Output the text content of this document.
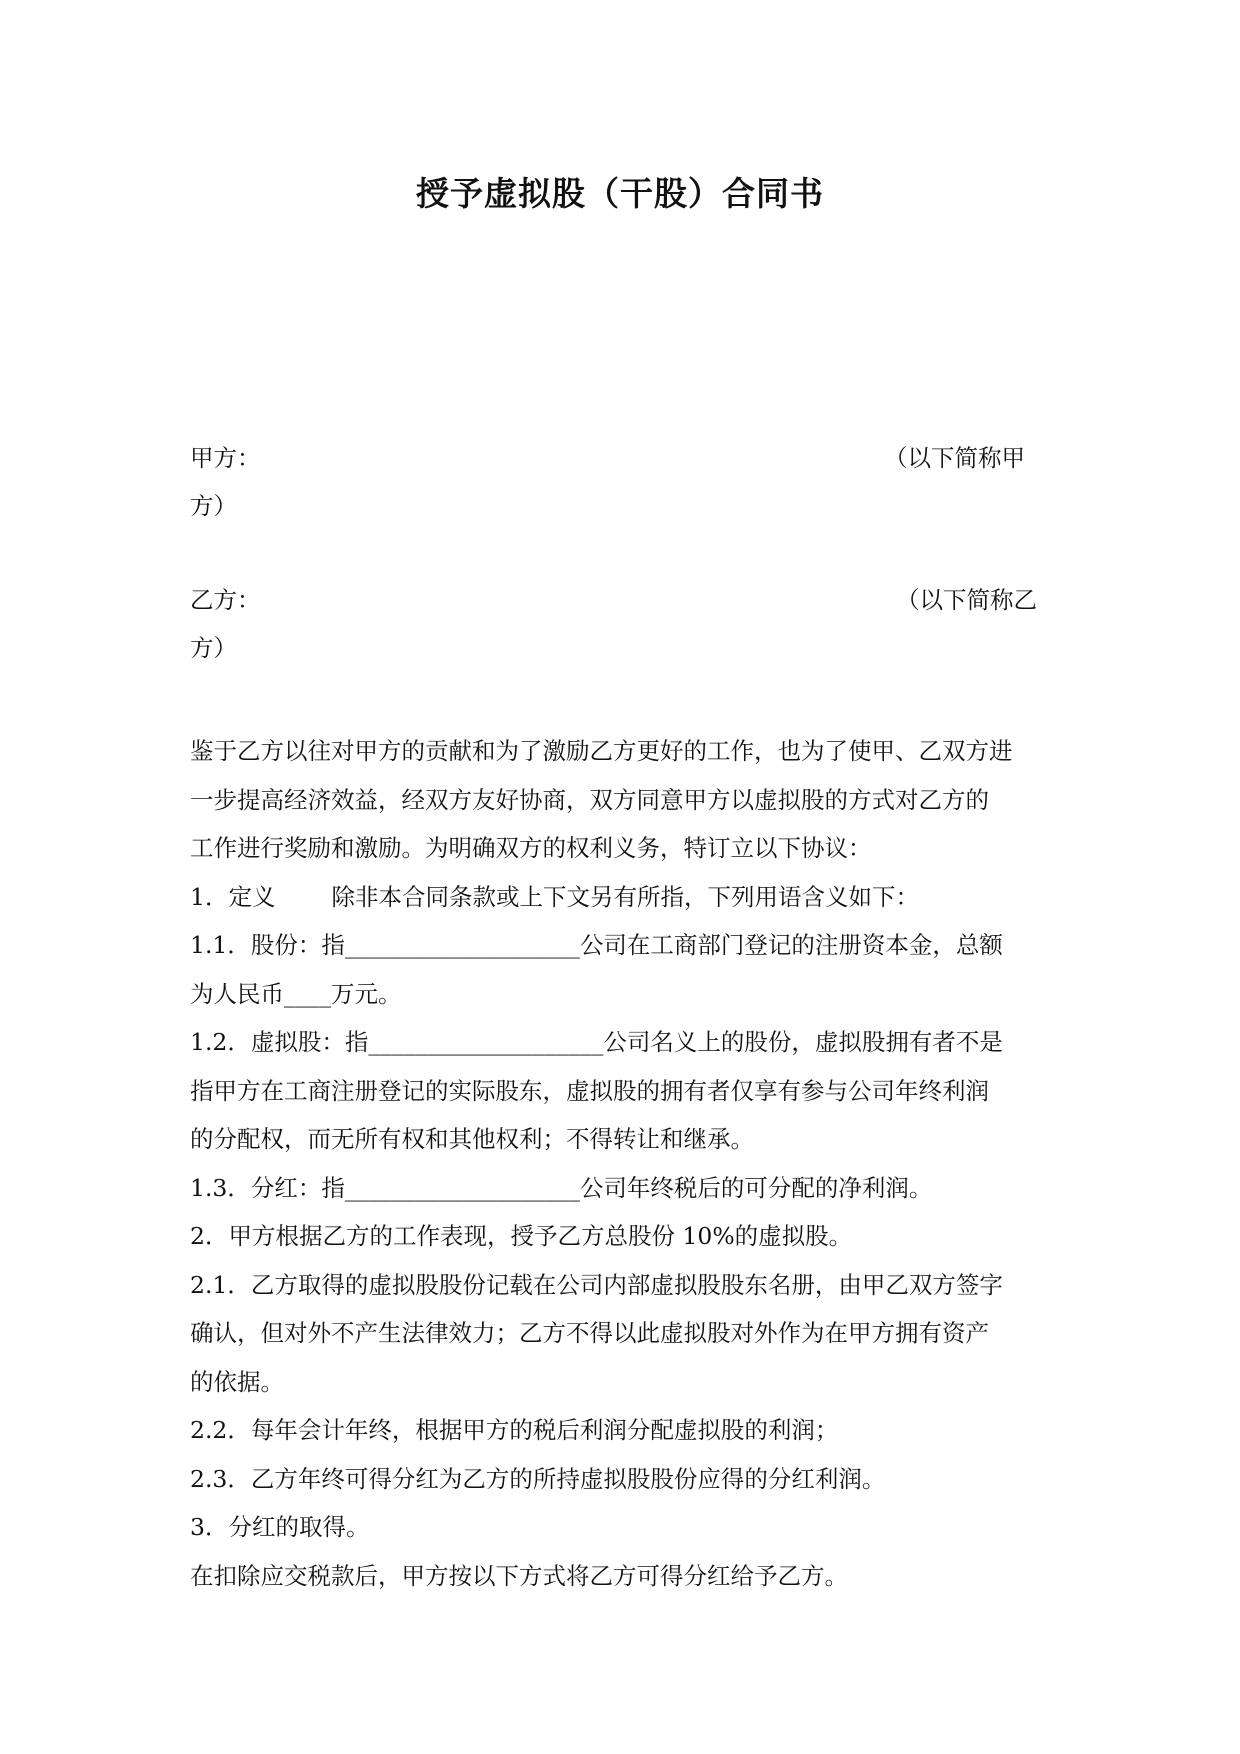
授予虚拟股（干股）合同书
甲方：	（以下简称甲
方）
乙方：	（以下简称乙
方）

鉴于乙方以往对甲方的贡献和为了激励乙方更好的工作，也为了使甲、乙双方进

一步提高经济效益，经双方友好协商，双方同意甲方以虚拟股的方式对乙方的

工作进行奖励和激励。为明确双方的权利义务，特订立以下协议：

1．定义 除非本合同条款或上下文另有所指，下列用语含义如下：

1.1．股份：指____________________公司在工商部门登记的注册资本金，总额

为人民币____万元。

1.2．虚拟股：指____________________公司名义上的股份，虚拟股拥有者不是

指甲方在工商注册登记的实际股东，虚拟股的拥有者仅享有参与公司年终利润

的分配权，而无所有权和其他权利；不得转让和继承。

1.3．分红：指____________________公司年终税后的可分配的净利润。

2．甲方根据乙方的工作表现，授予乙方总股份 10%的虚拟股。

2.1．乙方取得的虚拟股股份记载在公司内部虚拟股股东名册，由甲乙双方签字

确认，但对外不产生法律效力；乙方不得以此虚拟股对外作为在甲方拥有资产

的依据。

2.2．每年会计年终，根据甲方的税后利润分配虚拟股的利润；

2.3．乙方年终可得分红为乙方的所持虚拟股股份应得的分红利润。

3．分红的取得。

在扣除应交税款后，甲方按以下方式将乙方可得分红给予乙方。
